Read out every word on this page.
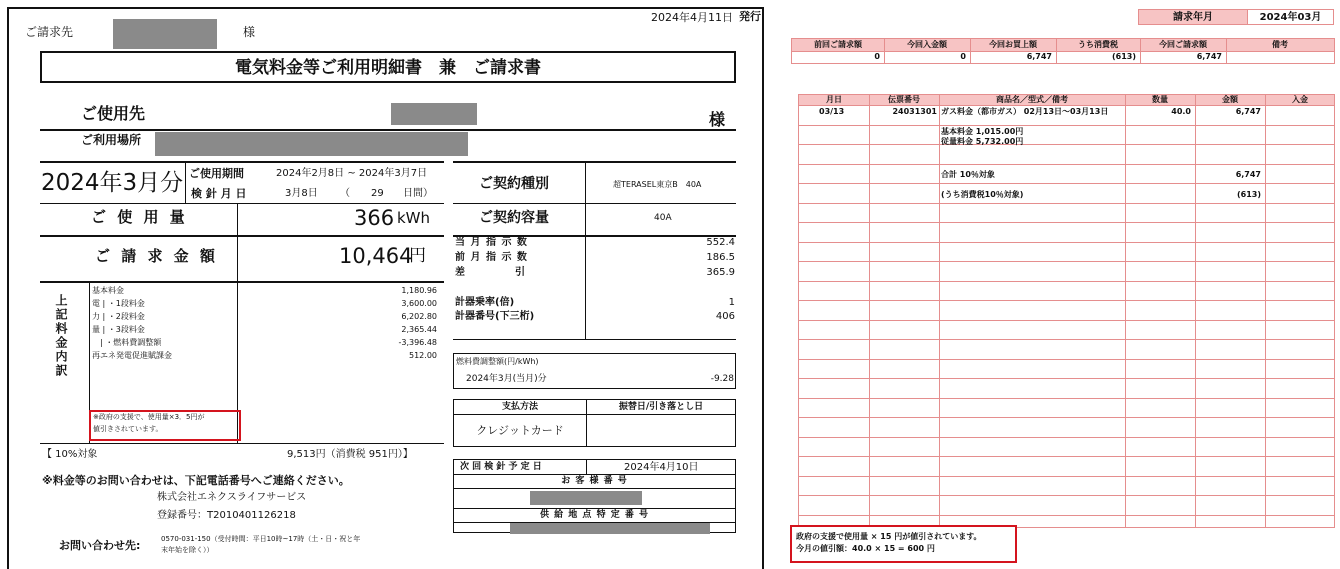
ご請求先	様
2024年4月11日 発行
電気料金等ご利用明細書　兼　ご請求書
ご使用先	様
ご利用場所
2024年3月分 ご使用期間	2024年2月8日 ~ 2024年3月7日
検 針 月 日	3月8日 （ 29 日間）
ご 使 用 量	366 kWh
ご 請 求 金 額	10,464
円
上記料金内訳
基本料金	1,180.96
電 | ・1段料金	3,600.00
力 | ・2段料金	6,202.80
量 | ・3段料金	2,365.44
　| ・燃料費調整額	-3,396.48
再エネ発電促進賦課金	512.00
※政府の支援で、使用量×3．5円が
値引きされています。
【 10%対象	9,513円（消費税 951円）】
※料金等のお問い合わせは、下記電話番号へご連絡ください。
株式会社エネクスライフサービス
登録番号：T2010401126218
お問い合わせ先:	0570-031-150（受付時間：平日10時~17時（土・日・祝と年
末年始を除く））
ご契約種別	超TERASEL東京B　40A
ご契約容量	40A
当 月 指 示 数	552.4
前 月 指 示 数	186.5
差　　　　　引	365.9
計器乗率(倍)	1
計器番号(下三桁)	406
燃料費調整額(円/kWh)
2024年3月(当月)分	-9.28
支払方法	振替日/引き落とし日
クレジットカード
次 回 検 針 予 定 日	2024年4月10日
お 客 様 番 号
供 給 地 点 特 定 番 号
請求年月	2024年03月
前回ご請求額	今回入金額	今回お買上額	うち消費税	今回ご請求額	備考
0	0	6,747	(613)	6,747
月日	伝票番号	商品名／型式／備考	数量	金額	入金
03/13	24031301 ガス料金（都市ガス） 02月13日～03月13日	40.0	6,747
基本料金 1,015.00円
従量料金 5,732.00円
合計 10％対象	6,747
(うち消費税10％対象)	(613)
政府の支援で使用量 × 15 円が値引されています。
今月の値引額：40.0 × 15 = 600 円
